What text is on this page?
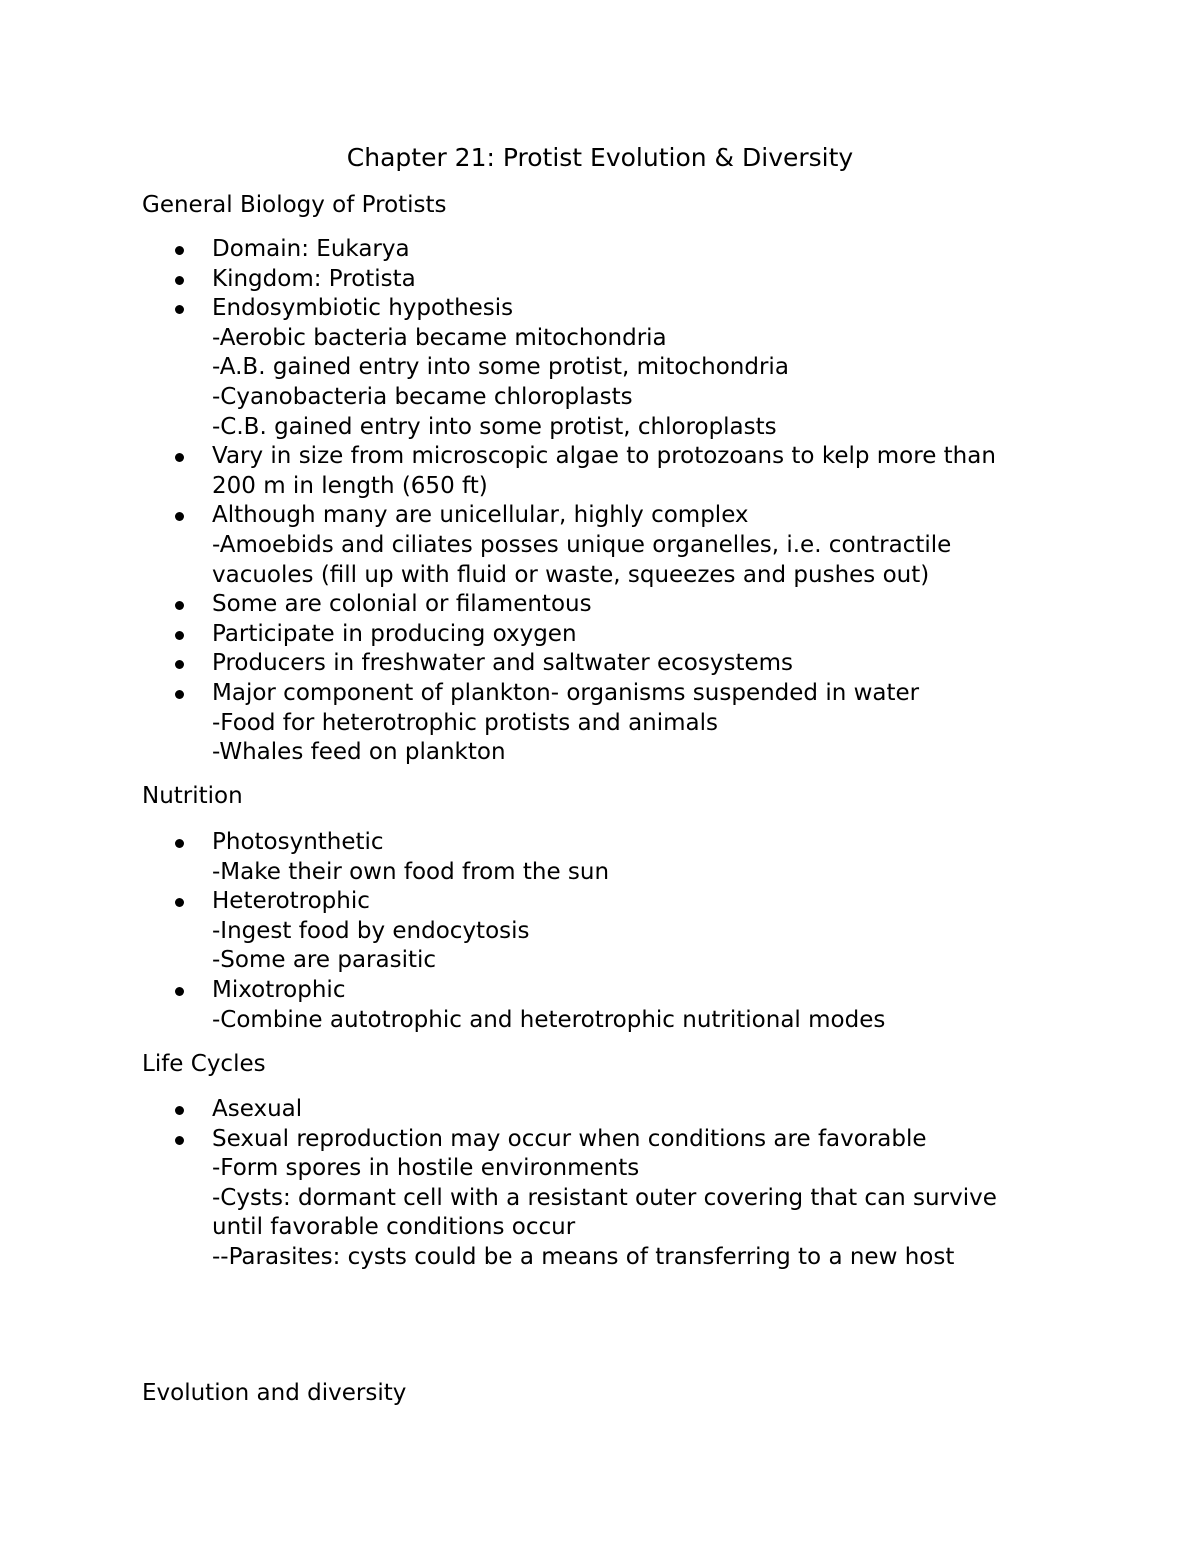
Chapter 21: Protist Evolution & Diversity
General Biology of Protists
Domain: Eukarya
Kingdom: Protista
Endosymbiotic hypothesis
-Aerobic bacteria became mitochondria
-A.B. gained entry into some protist, mitochondria
-Cyanobacteria became chloroplasts
-C.B. gained entry into some protist, chloroplasts
Vary in size from microscopic algae to protozoans to kelp more than
200 m in length (650 ft)
Although many are unicellular, highly complex
-Amoebids and ciliates posses unique organelles, i.e. contractile
vacuoles (fill up with fluid or waste, squeezes and pushes out)
Some are colonial or filamentous
Participate in producing oxygen
Producers in freshwater and saltwater ecosystems
Major component of plankton- organisms suspended in water
-Food for heterotrophic protists and animals
-Whales feed on plankton
Nutrition
Photosynthetic
-Make their own food from the sun
Heterotrophic
-Ingest food by endocytosis
-Some are parasitic
Mixotrophic
-Combine autotrophic and heterotrophic nutritional modes
Life Cycles
Asexual
Sexual reproduction may occur when conditions are favorable
-Form spores in hostile environments
-Cysts: dormant cell with a resistant outer covering that can survive
until favorable conditions occur
--Parasites: cysts could be a means of transferring to a new host
Evolution and diversity
